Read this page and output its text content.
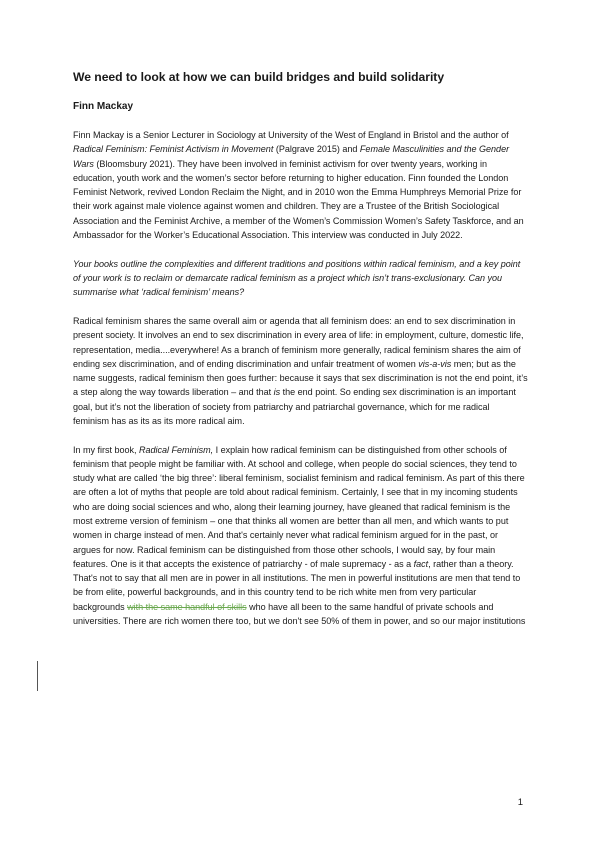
We need to look at how we can build bridges and build solidarity
Finn Mackay

Finn Mackay is a Senior Lecturer in Sociology at University of the West of England in Bristol and the author of Radical Feminism: Feminist Activism in Movement (Palgrave 2015) and Female Masculinities and the Gender Wars (Bloomsbury 2021). They have been involved in feminist activism for over twenty years, working in education, youth work and the women’s sector before returning to higher education. Finn founded the London Feminist Network, revived London Reclaim the Night, and in 2010 won the Emma Humphreys Memorial Prize for their work against male violence against women and children. They are a Trustee of the British Sociological Association and the Feminist Archive, a member of the Women’s Commission Women’s Safety Taskforce, and an Ambassador for the Worker’s Educational Association. This interview was conducted in July 2022.

Your books outline the complexities and different traditions and positions within radical feminism, and a key point of your work is to reclaim or demarcate radical feminism as a project which isn’t trans-exclusionary. Can you summarise what ‘radical feminism’ means?

Radical feminism shares the same overall aim or agenda that all feminism does: an end to sex discrimination in present society. It involves an end to sex discrimination in every area of life: in employment, culture, domestic life, representation, media....everywhere! As a branch of feminism more generally, radical feminism shares the aim of ending sex discrimination, and of ending discrimination and unfair treatment of women vis-a-vis men; but as the name suggests, radical feminism then goes further: because it says that sex discrimination is not the end point, it’s a step along the way towards liberation – and that is the end point. So ending sex discrimination is an important goal, but it’s not the liberation of society from patriarchy and patriarchal governance, which for me radical feminism has as its as its more radical aim.

In my first book, Radical Feminism, I explain how radical feminism can be distinguished from other schools of feminism that people might be familiar with. At school and college, when people do social sciences, they tend to study what are called ‘the big three’: liberal feminism, socialist feminism and radical feminism. As part of this there are often a lot of myths that people are told about radical feminism. Certainly, I see that in my incoming students who are doing social sciences and who, along their learning journey, have gleaned that radical feminism is the most extreme version of feminism – one that thinks all women are better than all men, and which wants to put women in charge instead of men. And that's certainly never what radical feminism argued for in the past, or argues for now. Radical feminism can be distinguished from those other schools, I would say, by four main features. One is it that accepts the existence of patriarchy - of male supremacy - as a fact, rather than a theory. That's not to say that all men are in power in all institutions. The men in powerful institutions are men that tend to be from elite, powerful backgrounds, and in this country tend to be rich white men from very particular backgrounds with the same handful of skills who have all been to the same handful of private schools and universities. There are rich women there too, but we don't see 50% of them in power, and so our major institutions

1
